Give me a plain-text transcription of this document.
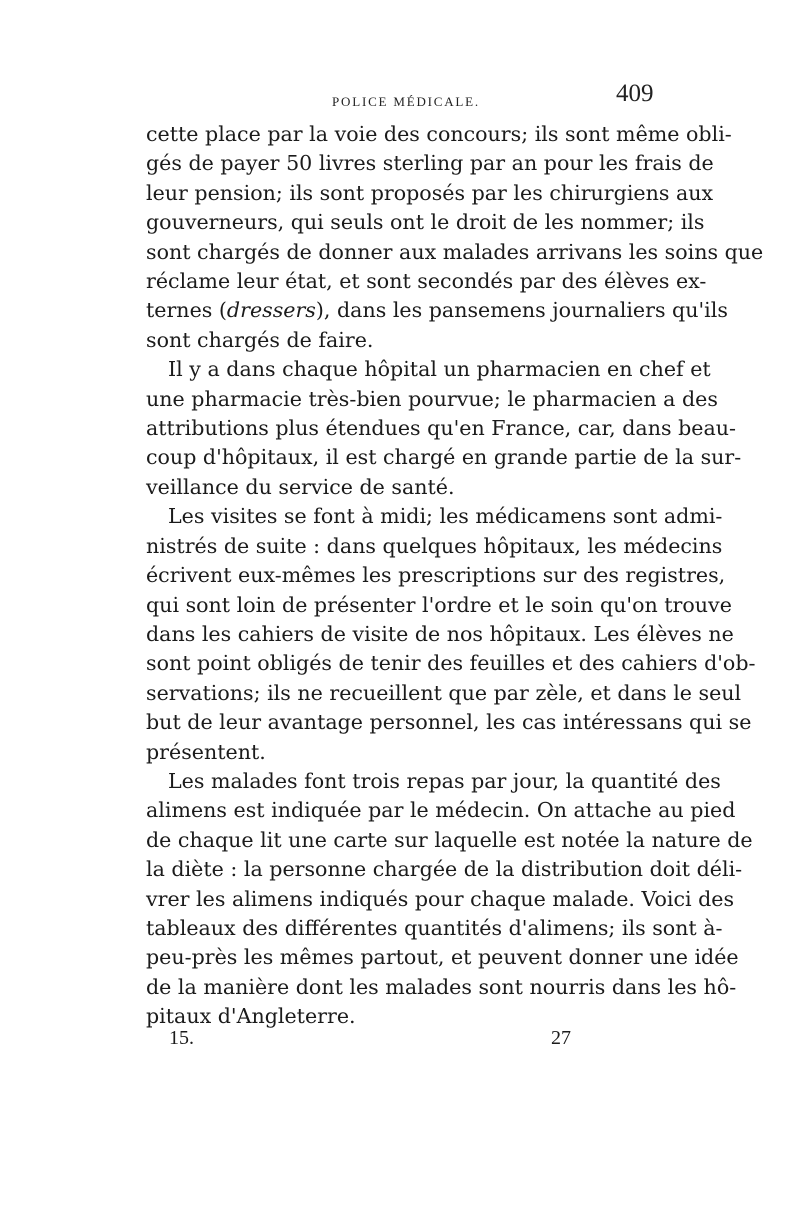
POLICE MÉDICALE.	409
cette place par la voie des concours; ils sont même obli-
gés de payer 50 livres sterling par an pour les frais de
leur pension; ils sont proposés par les chirurgiens aux
gouverneurs, qui seuls ont le droit de les nommer; ils
sont chargés de donner aux malades arrivans les soins que
réclame leur état, et sont secondés par des élèves ex-
ternes (dressers), dans les pansemens journaliers qu'ils
sont chargés de faire.
Il y a dans chaque hôpital un pharmacien en chef et
une pharmacie très-bien pourvue; le pharmacien a des
attributions plus étendues qu'en France, car, dans beau-
coup d'hôpitaux, il est chargé en grande partie de la sur-
veillance du service de santé.
Les visites se font à midi; les médicamens sont admi-
nistrés de suite : dans quelques hôpitaux, les médecins
écrivent eux-mêmes les prescriptions sur des registres,
qui sont loin de présenter l'ordre et le soin qu'on trouve
dans les cahiers de visite de nos hôpitaux. Les élèves ne
sont point obligés de tenir des feuilles et des cahiers d'ob-
servations; ils ne recueillent que par zèle, et dans le seul
but de leur avantage personnel, les cas intéressans qui se
présentent.
Les malades font trois repas par jour, la quantité des
alimens est indiquée par le médecin. On attache au pied
de chaque lit une carte sur laquelle est notée la nature de
la diète : la personne chargée de la distribution doit déli-
vrer les alimens indiqués pour chaque malade. Voici des
tableaux des différentes quantités d'alimens; ils sont à-
peu-près les mêmes partout, et peuvent donner une idée
de la manière dont les malades sont nourris dans les hô-
pitaux d'Angleterre.
15.	27
